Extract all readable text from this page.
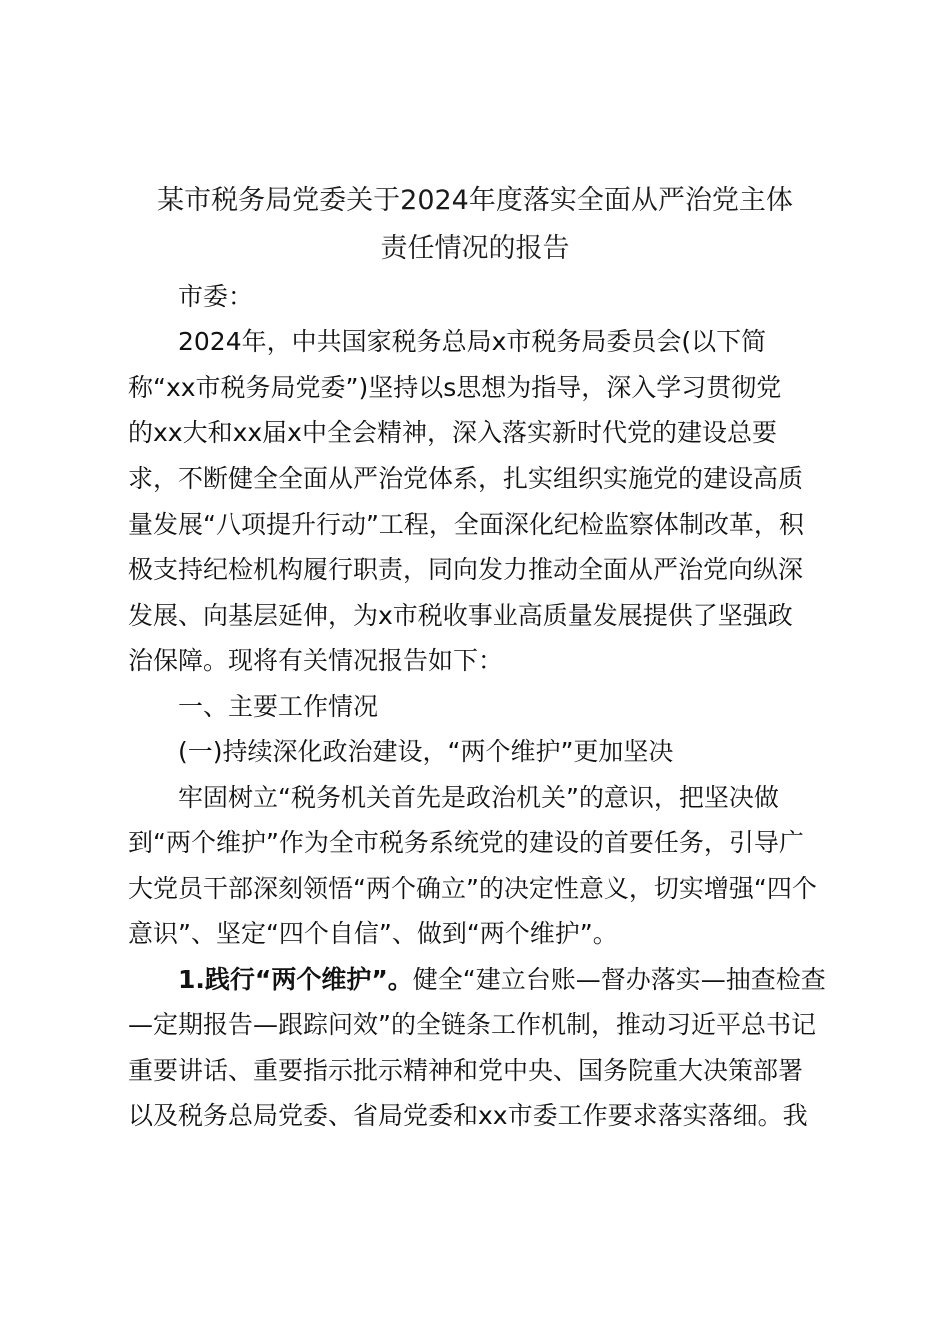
某市税务局党委关于2024年度落实全面从严治党主体
责任情况的报告
市委：
2024年，中共国家税务总局x市税务局委员会(以下简
称“xx市税务局党委”)坚持以s思想为指导，深入学习贯彻党
的xx大和xx届x中全会精神，深入落实新时代党的建设总要
求，不断健全全面从严治党体系，扎实组织实施党的建设高质
量发展“八项提升行动”工程，全面深化纪检监察体制改革，积
极支持纪检机构履行职责，同向发力推动全面从严治党向纵深
发展、向基层延伸，为x市税收事业高质量发展提供了坚强政
治保障。现将有关情况报告如下：
一、主要工作情况
(一)持续深化政治建设，“两个维护”更加坚决
牢固树立“税务机关首先是政治机关”的意识，把坚决做
到“两个维护”作为全市税务系统党的建设的首要任务，引导广
大党员干部深刻领悟“两个确立”的决定性意义，切实增强“四个
意识”、坚定“四个自信”、做到“两个维护”。
1.践行“两个维护”。健全“建立台账—督办落实—抽查检查
—定期报告—跟踪问效”的全链条工作机制，推动习近平总书记
重要讲话、重要指示批示精神和党中央、国务院重大决策部署
以及税务总局党委、省局党委和xx市委工作要求落实落细。我
